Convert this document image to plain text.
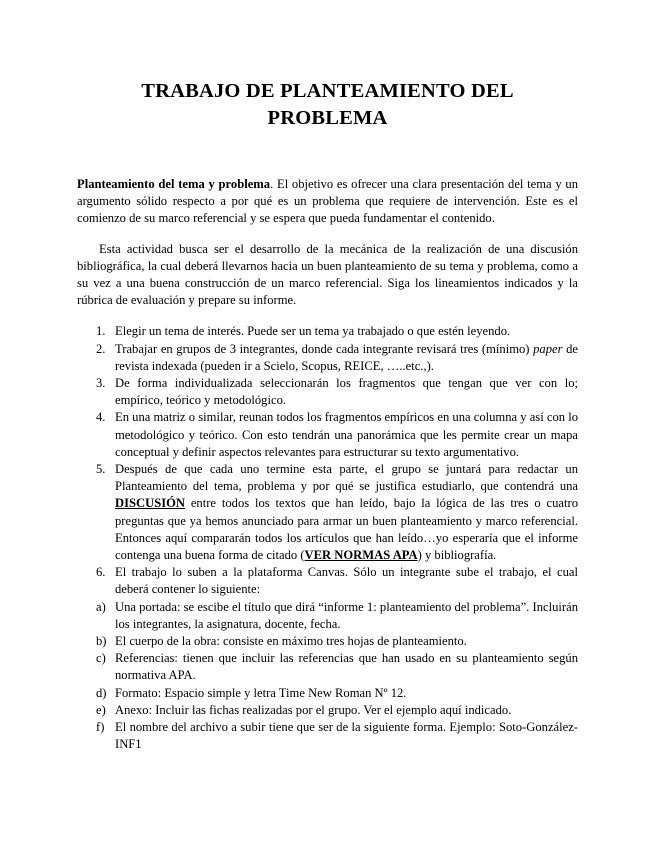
TRABAJO DE PLANTEAMIENTO DEL
PROBLEMA

Planteamiento del tema y problema. El objetivo es ofrecer una clara presentación del tema y un argumento sólido respecto a por qué es un problema que requiere de intervención. Este es el comienzo de su marco referencial y se espera que pueda fundamentar el contenido.

Esta actividad busca ser el desarrollo de la mecánica de la realización de una discusión bibliográfica, la cual deberá llevarnos hacia un buen planteamiento de su tema y problema, como a su vez a una buena construcción de un marco referencial. Siga los lineamientos indicados y la rúbrica de evaluación y prepare su informe.

1. Elegir un tema de interés. Puede ser un tema ya trabajado o que estén leyendo.
2. Trabajar en grupos de 3 integrantes, donde cada integrante revisará tres (mínimo) paper de revista indexada (pueden ir a Scielo, Scopus, REICE, …..etc.,).
3. De forma individualizada seleccionarán los fragmentos que tengan que ver con lo; empírico, teórico y metodológico.
4. En una matriz o similar, reunan todos los fragmentos empíricos en una columna y así con lo metodológico y teórico. Con esto tendrán una panorámica que les permite crear un mapa conceptual y definir aspectos relevantes para estructurar su texto argumentativo.
5. Después de que cada uno termine esta parte, el grupo se juntará para redactar un Planteamiento del tema, problema y por qué se justifica estudiarlo, que contendrá una DISCUSIÓN entre todos los textos que han leído, bajo la lógica de las tres o cuatro preguntas que ya hemos anunciado para armar un buen planteamiento y marco referencial. Entonces aquí compararán todos los artículos que han leído…yo esperaría que el informe contenga una buena forma de citado (VER NORMAS APA) y bibliografía.
6. El trabajo lo suben a la plataforma Canvas. Sólo un integrante sube el trabajo, el cual deberá contener lo siguiente:
a) Una portada: se escibe el título que dirá “informe 1: planteamiento del problema”. Incluirán los integrantes, la asignatura, docente, fecha.
b) El cuerpo de la obra: consiste en máximo tres hojas de planteamiento.
c) Referencias: tienen que incluir las referencias que han usado en su planteamiento según normativa APA.
d) Formato: Espacio simple y letra Time New Roman Nº 12.
e) Anexo: Incluir las fichas realizadas por el grupo. Ver el ejemplo aquí indicado.
f) El nombre del archivo a subir tiene que ser de la siguiente forma. Ejemplo: Soto-González-INF1
